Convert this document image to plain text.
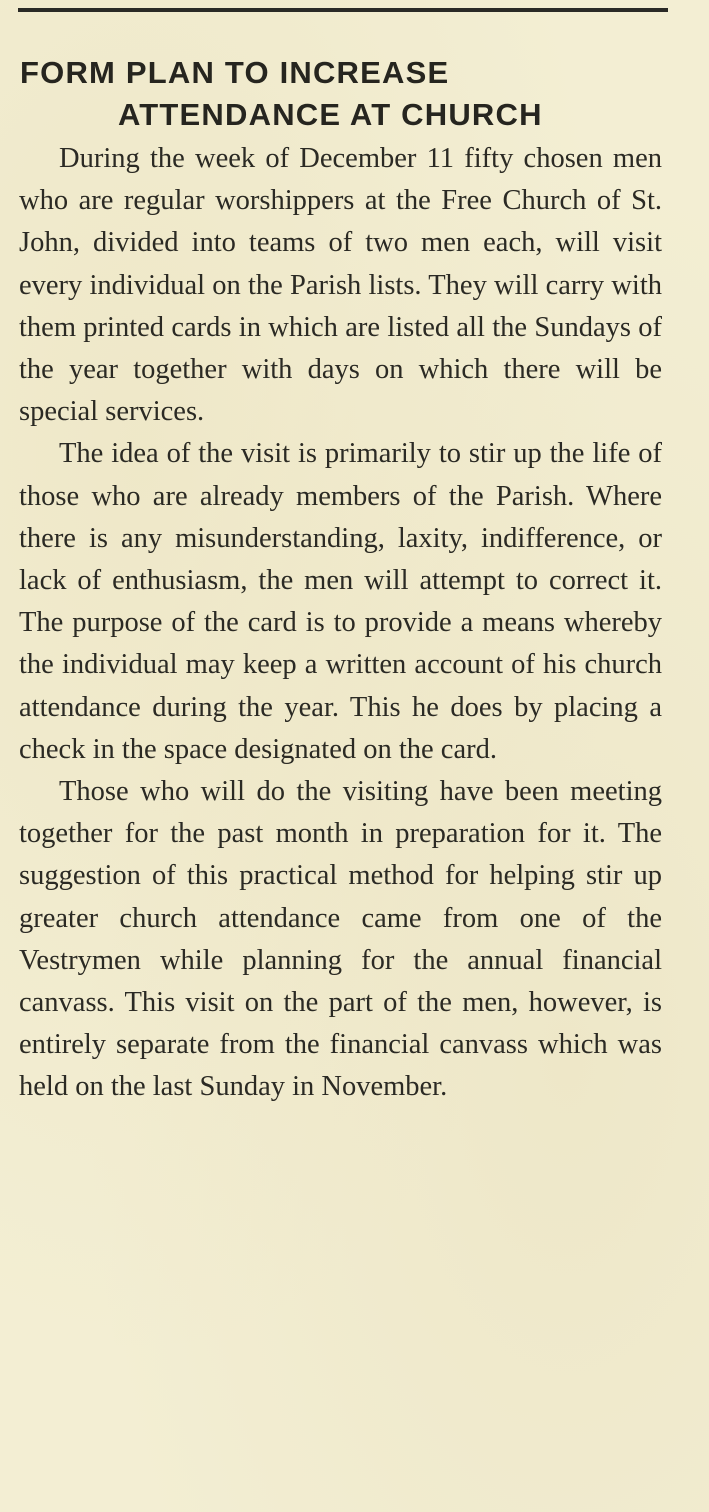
FORM PLAN TO INCREASE
ATTENDANCE AT CHURCH

During the week of December 11 fifty chosen men who are regular worshippers at the Free Church of St. John, divided into teams of two men each, will visit every individual on the Parish lists. They will carry with them printed cards in which are listed all the Sundays of the year together with days on which there will be special services.

The idea of the visit is primarily to stir up the life of those who are already members of the Parish. Where there is any misunderstanding, laxity, indifference, or lack of enthusiasm, the men will attempt to correct it. The purpose of the card is to provide a means whereby the individual may keep a written account of his church attendance during the year. This he does by placing a check in the space designated on the card.

Those who will do the visiting have been meeting together for the past month in preparation for it. The suggestion of this practical method for helping stir up greater church attendance came from one of the Vestrymen while planning for the annual financial canvass. This visit on the part of the men, however, is entirely separate from the financial canvass which was held on the last Sunday in November.
